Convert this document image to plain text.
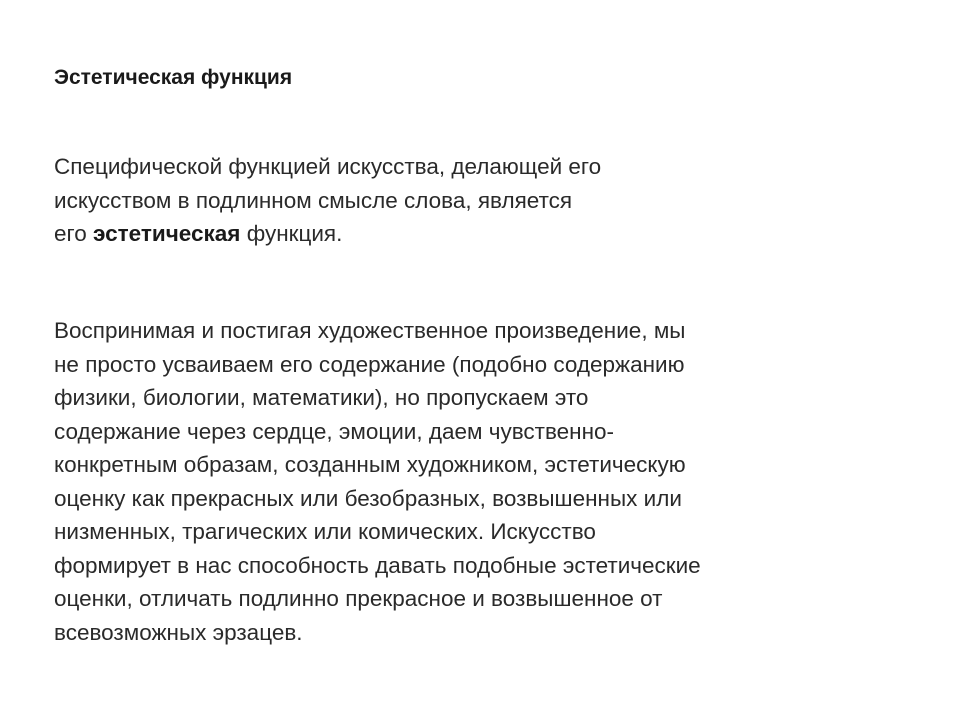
Эстетическая функция

Специфической функцией искусства, делающей его
искусством в подлинном смысле слова, является
его эстетическая функция.

Воспринимая и постигая художественное произведение, мы
не просто усваиваем его содержание (подобно содержанию
физики, биологии, математики), но пропускаем это
содержание через сердце, эмоции, даем чувственно-
конкретным образам, созданным художником, эстетическую
оценку как прекрасных или безобразных, возвышенных или
низменных, трагических или комических. Искусство
формирует в нас способность давать подобные эстетические
оценки, отличать подлинно прекрасное и возвышенное от
всевозможных эрзацев.
